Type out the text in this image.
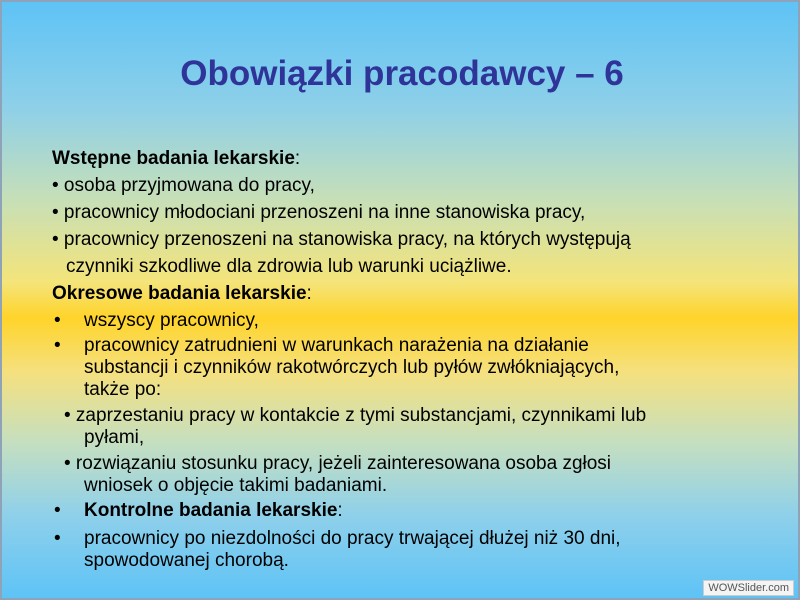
Obowiązki pracodawcy – 6
Wstępne badania lekarskie:
• osoba przyjmowana do pracy,
• pracownicy młodociani przenoszeni na inne stanowiska pracy,
• pracownicy przenoszeni na stanowiska pracy, na których występują
czynniki szkodliwe dla zdrowia lub warunki uciążliwe.
Okresowe badania lekarskie:
• wszyscy pracownicy,
• pracownicy zatrudnieni w warunkach narażenia na działanie
substancji i czynników rakotwórczych lub pyłów zwłókniających,
także po:
• zaprzestaniu pracy w kontakcie z tymi substancjami, czynnikami lub
pyłami,
• rozwiązaniu stosunku pracy, jeżeli zainteresowana osoba zgłosi
wniosek o objęcie takimi badaniami.
• Kontrolne badania lekarskie:
• pracownicy po niezdolności do pracy trwającej dłużej niż 30 dni,
spowodowanej chorobą.
WOWSlider.com
